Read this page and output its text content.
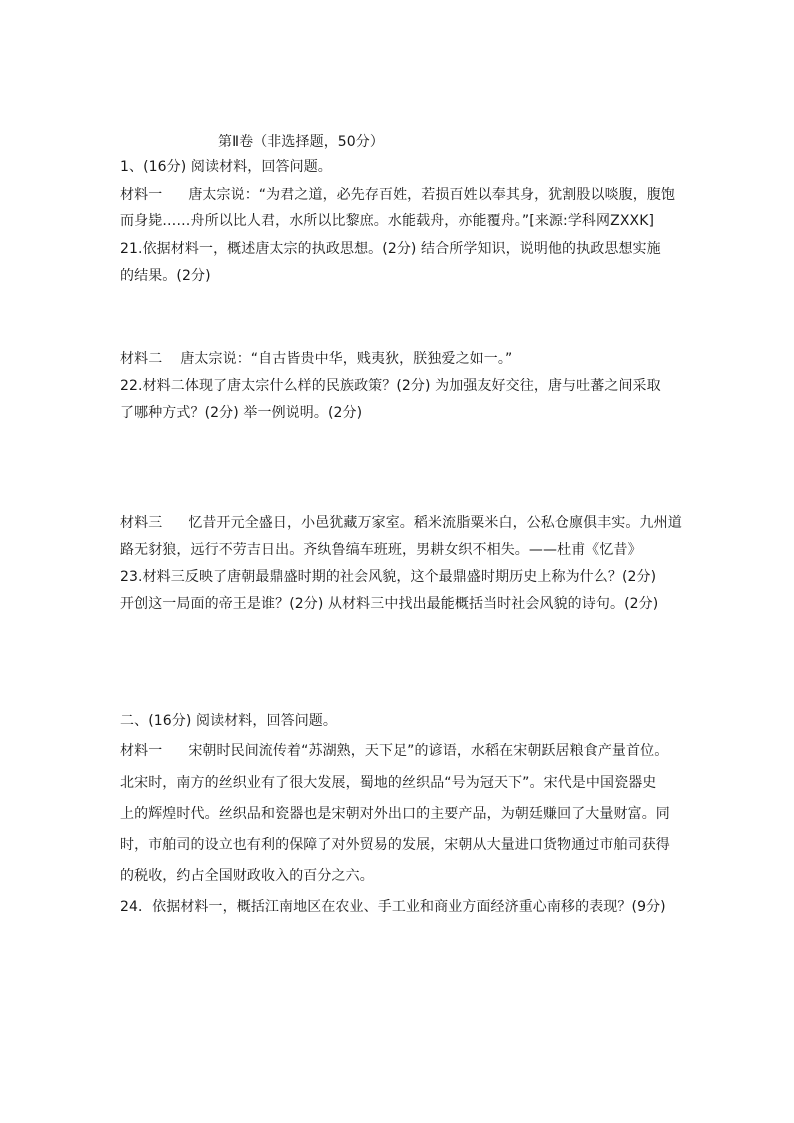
第Ⅱ卷（非选择题，50分）
1、(16分) 阅读材料，回答问题。
材料一 唐太宗说：“为君之道，必先存百姓，若损百姓以奉其身，犹割股以啖腹，腹饱
而身毙……舟所以比人君，水所以比黎庶。水能载舟，亦能覆舟。”[来源:学科网ZXXK]
21.依据材料一，概述唐太宗的执政思想。(2分) 结合所学知识，说明他的执政思想实施
的结果。(2分)
材料二 唐太宗说：“自古皆贵中华，贱夷狄，朕独爱之如一。”
22.材料二体现了唐太宗什么样的民族政策？(2分) 为加强友好交往，唐与吐蕃之间采取
了哪种方式？(2分) 举一例说明。(2分)
材料三 忆昔开元全盛日，小邑犹藏万家室。稻米流脂粟米白，公私仓廪俱丰实。九州道
路无豺狼，远行不劳吉日出。齐纨鲁缟车班班，男耕女织不相失。——杜甫《忆昔》
23.材料三反映了唐朝最鼎盛时期的社会风貌，这个最鼎盛时期历史上称为什么？(2分)
开创这一局面的帝王是谁？(2分) 从材料三中找出最能概括当时社会风貌的诗句。(2分)
二、(16分) 阅读材料，回答问题。
材料一 宋朝时民间流传着“苏湖熟，天下足”的谚语，水稻在宋朝跃居粮食产量首位。
北宋时，南方的丝织业有了很大发展，蜀地的丝织品“号为冠天下”。宋代是中国瓷器史
上的辉煌时代。丝织品和瓷器也是宋朝对外出口的主要产品，为朝廷赚回了大量财富。同
时，市舶司的设立也有利的保障了对外贸易的发展，宋朝从大量进口货物通过市舶司获得
的税收，约占全国财政收入的百分之六。
24．依据材料一，概括江南地区在农业、手工业和商业方面经济重心南移的表现？(9分)
